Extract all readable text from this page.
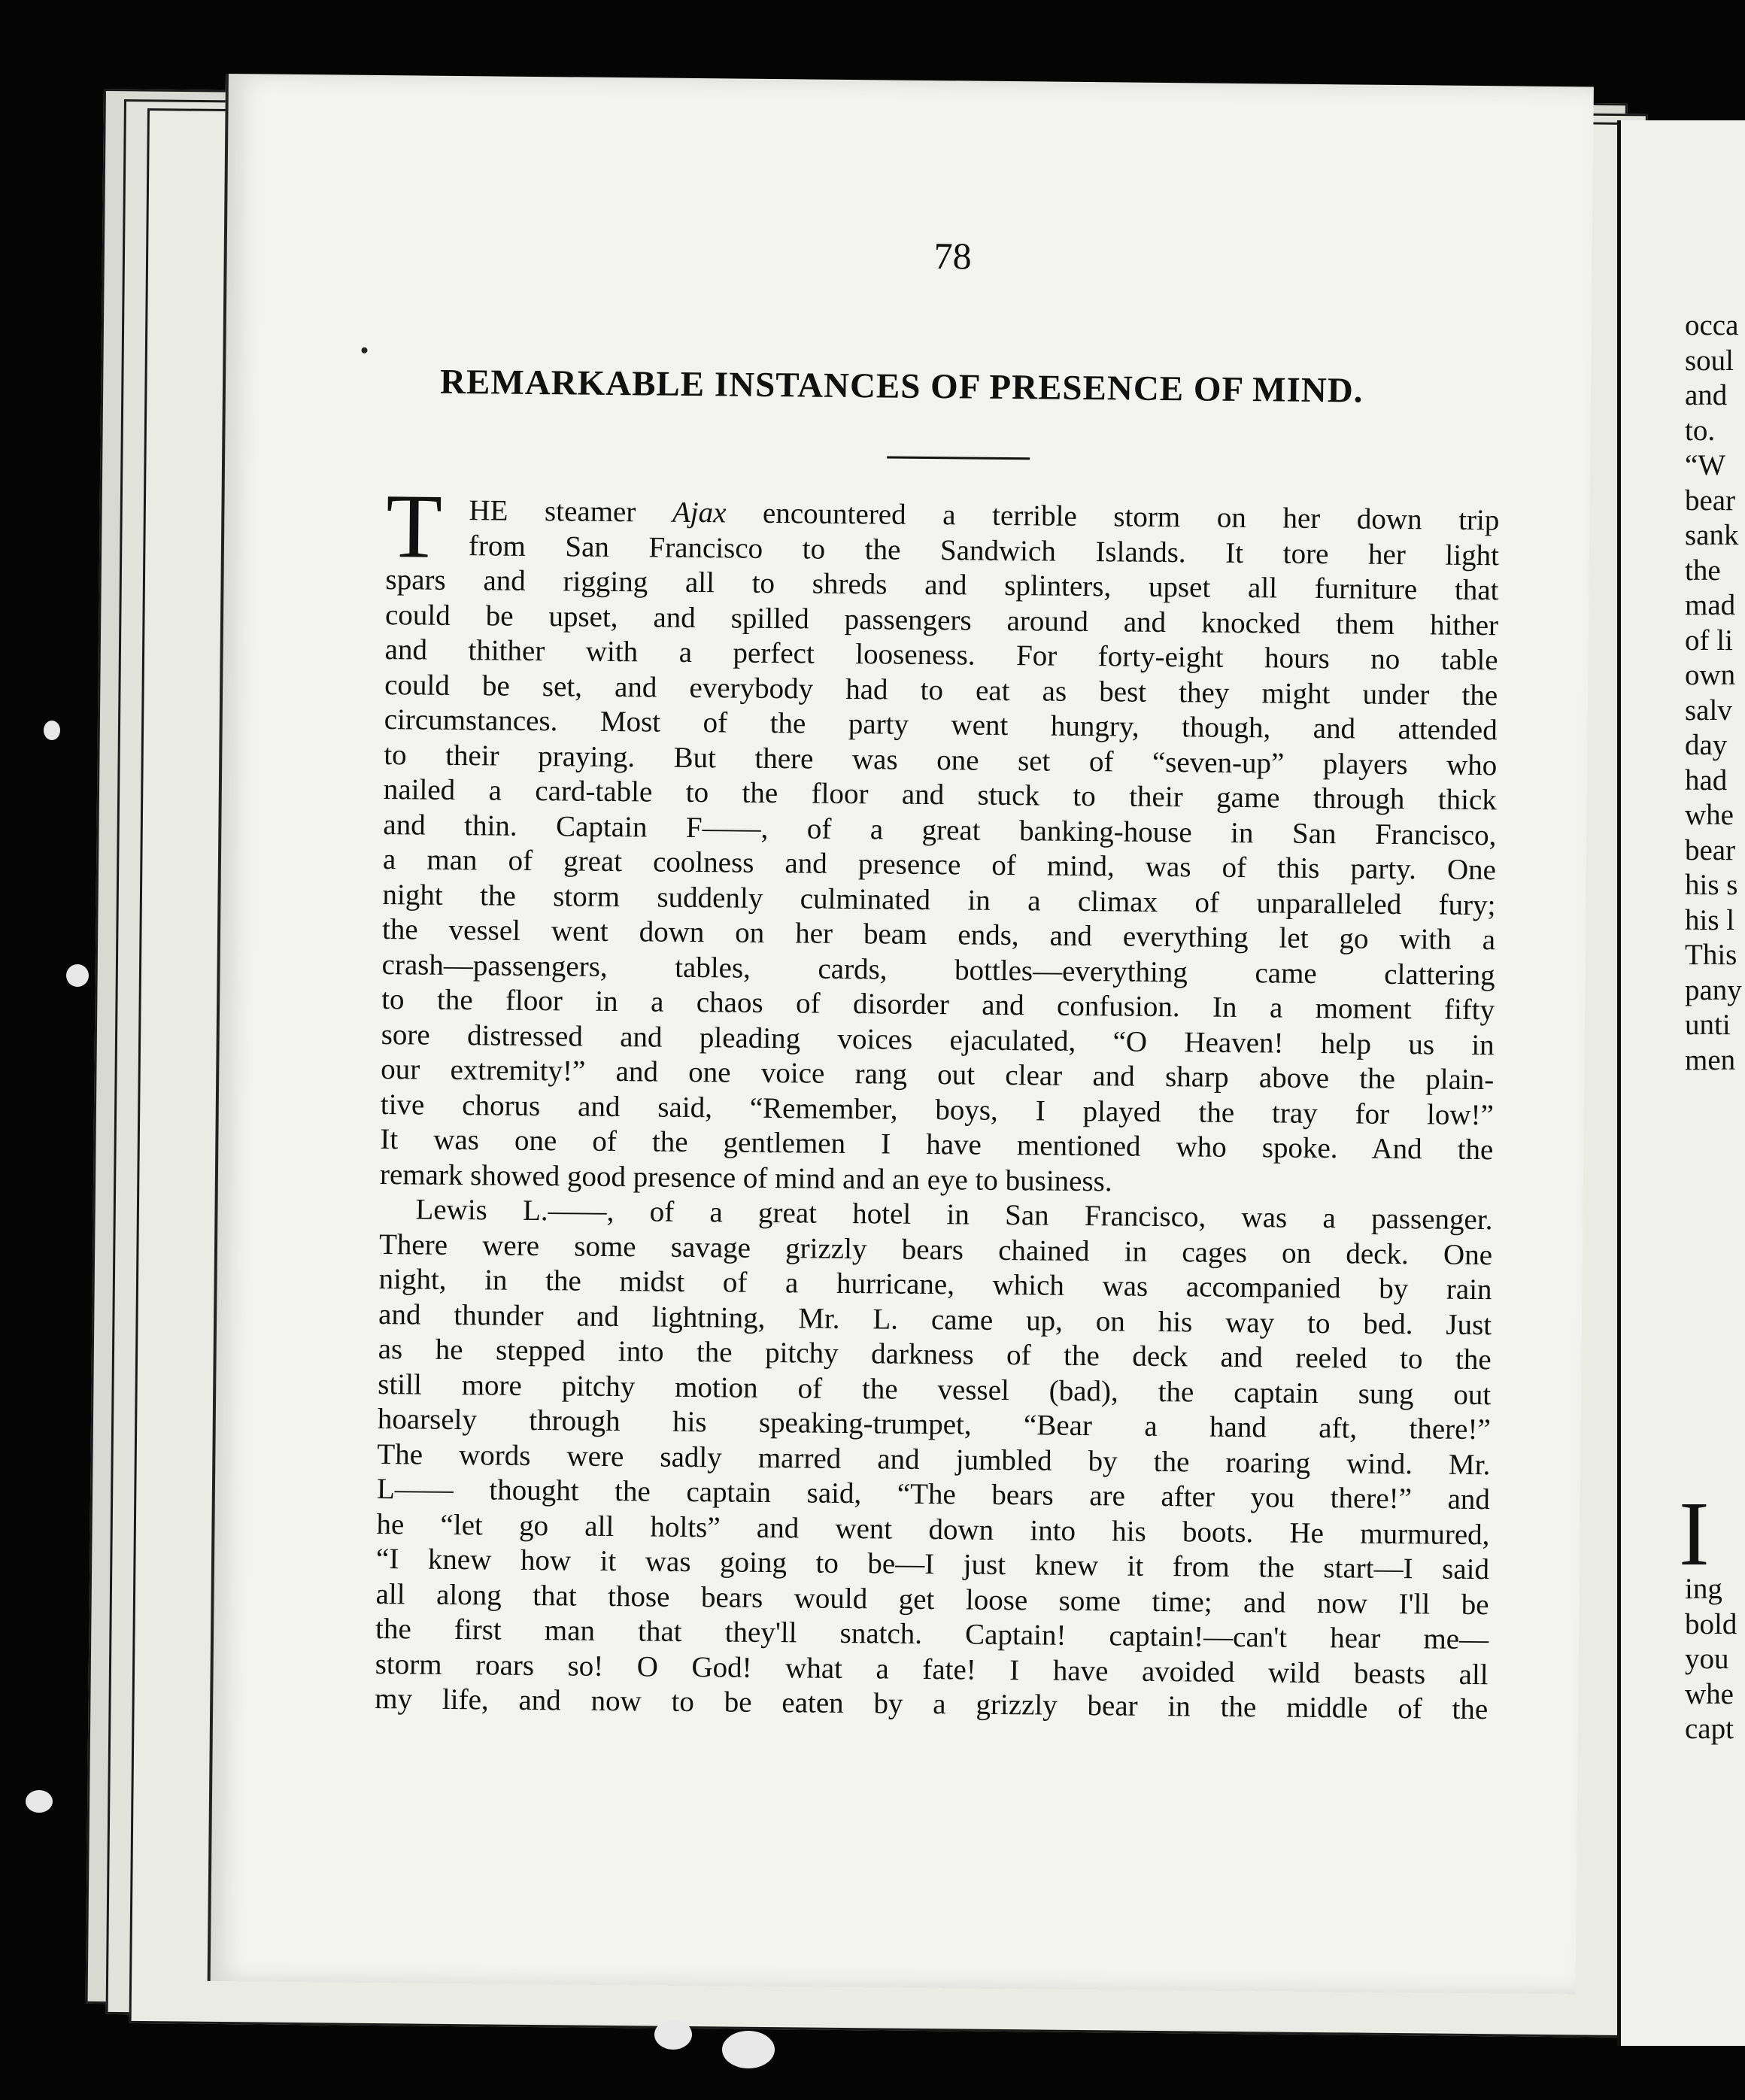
occa
soul
and
to.
“W
bear
sank
the
mad
of li
own
salv
day
had
whe
bear
his s
his l
This
pany
unti
men
I
ing
bold
you
whe
capt
78
REMARKABLE INSTANCES OF PRESENCE OF MIND.
T HE steamer Ajax encountered a terrible storm on her down trip
from San Francisco to the Sandwich Islands. It tore her light
spars and rigging all to shreds and splinters, upset all furniture that
could be upset, and spilled passengers around and knocked them hither
and thither with a perfect looseness. For forty-eight hours no table
could be set, and everybody had to eat as best they might under the
circumstances. Most of the party went hungry, though, and attended
to their praying. But there was one set of “seven-up” players who
nailed a card-table to the floor and stuck to their game through thick
and thin. Captain F——, of a great banking-house in San Francisco,
a man of great coolness and presence of mind, was of this party. One
night the storm suddenly culminated in a climax of unparalleled fury;
the vessel went down on her beam ends, and everything let go with a
crash—passengers, tables, cards, bottles—everything came clattering
to the floor in a chaos of disorder and confusion. In a moment fifty
sore distressed and pleading voices ejaculated, “O Heaven! help us in
our extremity!” and one voice rang out clear and sharp above the plain-
tive chorus and said, “Remember, boys, I played the tray for low!”
It was one of the gentlemen I have mentioned who spoke. And the
remark showed good presence of mind and an eye to business.
Lewis L.——, of a great hotel in San Francisco, was a passenger.
There were some savage grizzly bears chained in cages on deck. One
night, in the midst of a hurricane, which was accompanied by rain
and thunder and lightning, Mr. L. came up, on his way to bed. Just
as he stepped into the pitchy darkness of the deck and reeled to the
still more pitchy motion of the vessel (bad), the captain sung out
hoarsely through his speaking-trumpet, “Bear a hand aft, there!”
The words were sadly marred and jumbled by the roaring wind. Mr.
L—— thought the captain said, “The bears are after you there!” and
he “let go all holts” and went down into his boots. He murmured,
“I knew how it was going to be—I just knew it from the start—I said
all along that those bears would get loose some time; and now I'll be
the first man that they'll snatch. Captain! captain!—can't hear me—
storm roars so! O God! what a fate! I have avoided wild beasts all
my life, and now to be eaten by a grizzly bear in the middle of the
